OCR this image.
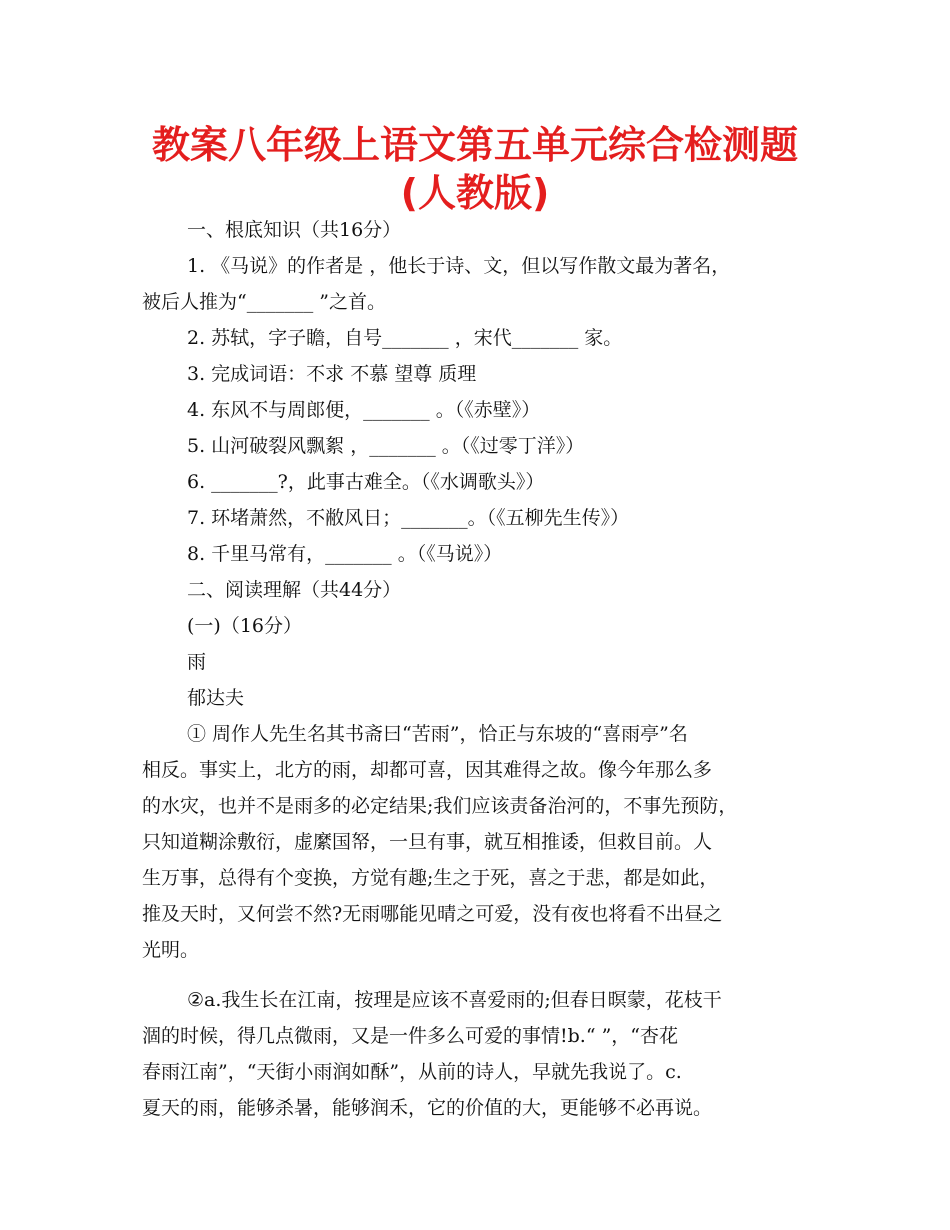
教案八年级上语文第五单元综合检测题
(人教版)
一、根底知识（共16分）
1. 《马说》的作者是 ，他长于诗、文，但以写作散文最为著名，
被后人推为“_______ ”之首。
2. 苏轼，字子瞻，自号_______ ，宋代_______ 家。
3. 完成词语：不求 不慕 望尊 质理
4. 东风不与周郎便，_______ 。（《赤壁》）
5. 山河破裂风飘絮 ，_______ 。（《过零丁洋》）
6. _______?，此事古难全。（《水调歌头》）
7. 环堵萧然，不敝风日；_______。（《五柳先生传》）
8. 千里马常有，_______ 。（《马说》）
二、阅读理解（共44分）
(一)（16分）
雨
郁达夫
① 周作人先生名其书斋曰“苦雨”，恰正与东坡的“喜雨亭”名
相反。事实上，北方的雨，却都可喜，因其难得之故。像今年那么多
的水灾，也并不是雨多的必定结果;我们应该责备治河的，不事先预防，
只知道糊涂敷衍，虚縻国帑，一旦有事，就互相推诿，但救目前。人
生万事，总得有个变换，方觉有趣;生之于死，喜之于悲，都是如此，
推及天时，又何尝不然?无雨哪能见晴之可爱，没有夜也将看不出昼之
光明。
②a.我生长在江南，按理是应该不喜爱雨的;但春日暝蒙，花枝干
涸的时候，得几点微雨，又是一件多么可爱的事情!b.“ ”，“杏花
春雨江南”，“天街小雨润如酥”，从前的诗人，早就先我说了。c.
夏天的雨，能够杀暑，能够润禾，它的价值的大，更能够不必再说。
